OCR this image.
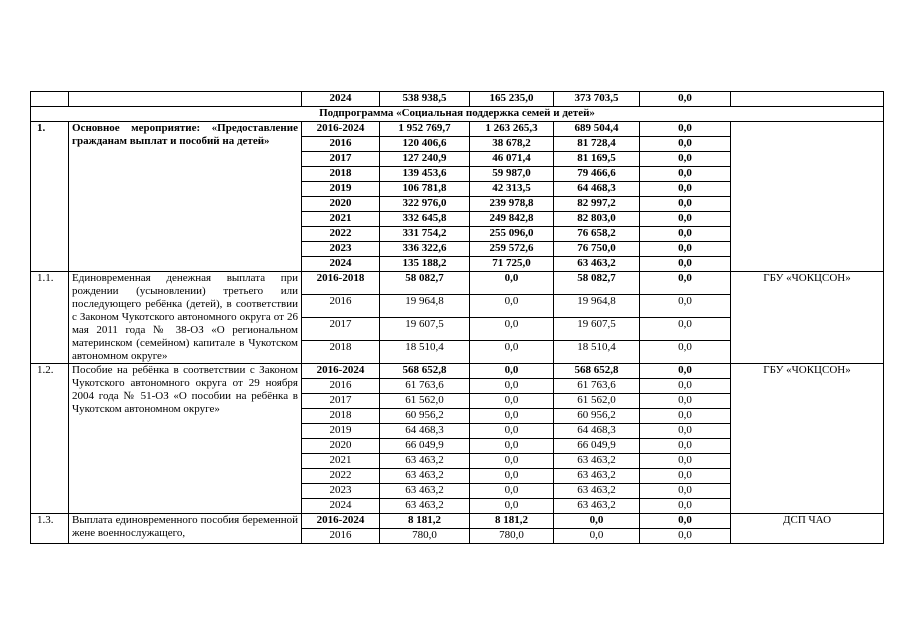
		2024	538 938,5	165 235,0	373 703,5	0,0	
Подпрограмма «Социальная поддержка семей и детей»							
1.	Основное мероприятие: «Предоставление гражданам выплат и пособий на детей»	2016-2024	1 952 769,7	1 263 265,3	689 504,4	0,0	
		2016	120 406,6	38 678,2	81 728,4	0,0	
		2017	127 240,9	46 071,4	81 169,5	0,0	
		2018	139 453,6	59 987,0	79 466,6	0,0	
		2019	106 781,8	42 313,5	64 468,3	0,0	
		2020	322 976,0	239 978,8	82 997,2	0,0	
		2021	332 645,8	249 842,8	82 803,0	0,0	
		2022	331 754,2	255 096,0	76 658,2	0,0	
		2023	336 322,6	259 572,6	76 750,0	0,0	
		2024	135 188,2	71 725,0	63 463,2	0,0	
1.1.	Единовременная денежная выплата при рождении (усыновлении) третьего или последующего ребёнка (детей), в соответствии с Законом Чукотского автономного округа от 26 мая 2011 года № 38-ОЗ «О региональном материнском (семейном) капитале в Чукотском автономном округе»	2016-2018	58 082,7	0,0	58 082,7	0,0	ГБУ «ЧОКЦСОН»
		2016	19 964,8	0,0	19 964,8	0,0	
		2017	19 607,5	0,0	19 607,5	0,0	
		2018	18 510,4	0,0	18 510,4	0,0	
1.2.	Пособие на ребёнка в соответствии с Законом Чукотского автономного округа от 29 ноября 2004 года № 51-ОЗ «О пособии на ребёнка в Чукотском автономном округе»	2016-2024	568 652,8	0,0	568 652,8	0,0	ГБУ «ЧОКЦСОН»
		2016	61 763,6	0,0	61 763,6	0,0	
		2017	61 562,0	0,0	61 562,0	0,0	
		2018	60 956,2	0,0	60 956,2	0,0	
		2019	64 468,3	0,0	64 468,3	0,0	
		2020	66 049,9	0,0	66 049,9	0,0	
		2021	63 463,2	0,0	63 463,2	0,0	
		2022	63 463,2	0,0	63 463,2	0,0	
		2023	63 463,2	0,0	63 463,2	0,0	
		2024	63 463,2	0,0	63 463,2	0,0	
1.3.	Выплата единовременного пособия беременной жене военнослужащего,	2016-2024	8 181,2	8 181,2	0,0	0,0	ДСП ЧАО
		2016	780,0	780,0	0,0	0,0	
